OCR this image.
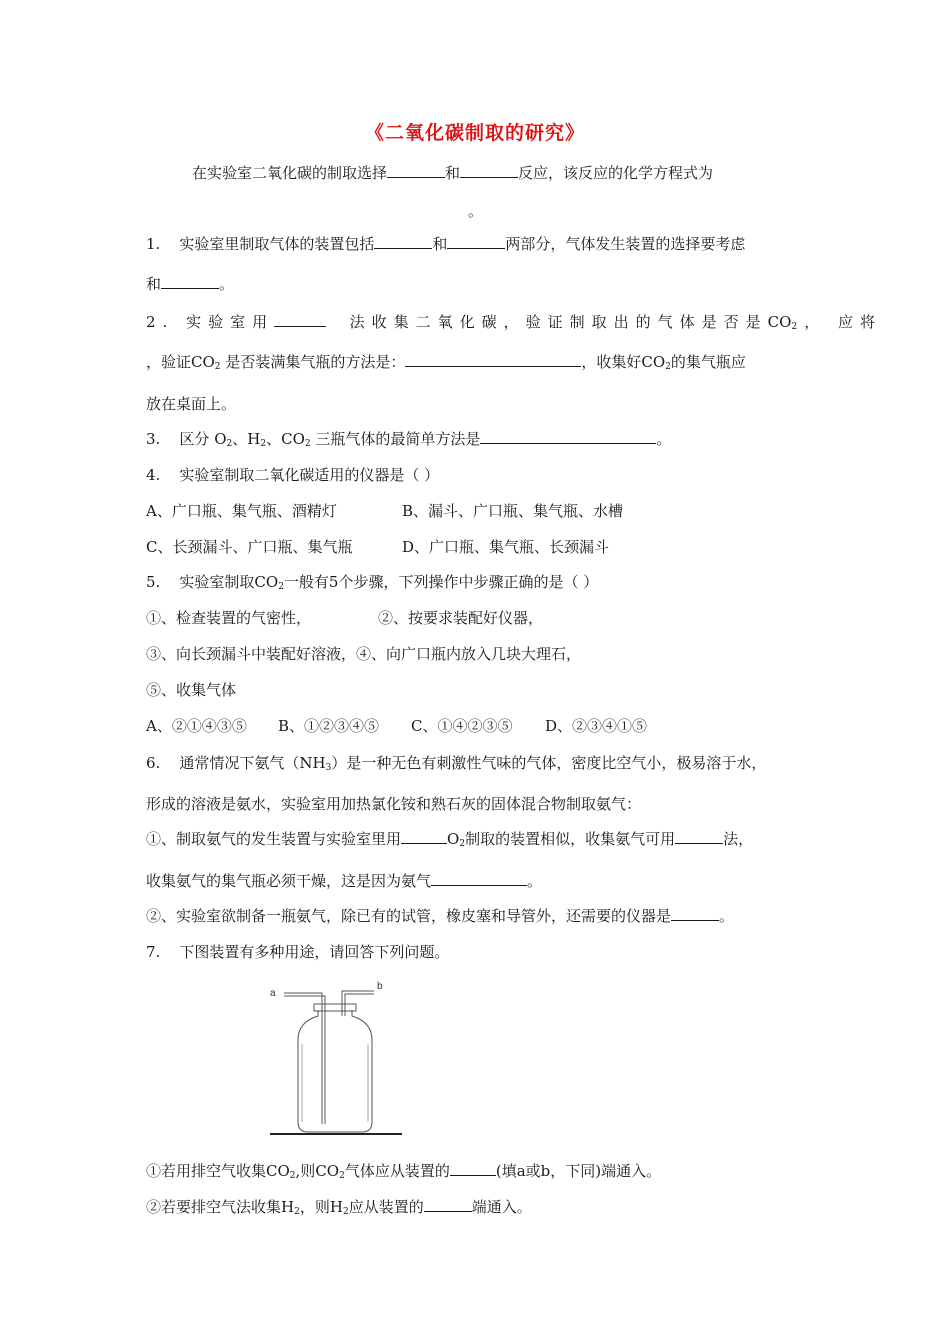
《二氧化碳制取的研究》
在实验室二氧化碳的制取选择	和	反应，该反应的化学方程式为
。
1. 实验室里制取气体的装置包括	和	两部分，气体发生装置的选择要考虑
和	。
2. 实验室用	法收集二氧化碳，验证制取出的气体是否是$CO_2$， 应将
，验证$CO_2$ 是否装满集气瓶的方法是：	，收集好$CO_2$的集气瓶应
放在桌面上。
3. 区分 $O_2$、$H_2$、$CO_2$ 三瓶气体的最简单方法是	。
4. 实验室制取二氧化碳适用的仪器是（ ）
A、广口瓶、集气瓶、酒精灯	B、漏斗、广口瓶、集气瓶、水槽
C、长颈漏斗、广口瓶、集气瓶	D、广口瓶、集气瓶、长颈漏斗
5. 实验室制取$CO_2$一般有5个步骤，下列操作中步骤正确的是（ ）
①、检查装置的气密性，	②、按要求装配好仪器，
③、向长颈漏斗中装配好溶液，④、向广口瓶内放入几块大理石，
⑤、收集气体
A、②①④③⑤ B、①②③④⑤ C、①④②③⑤ D、②③④①⑤
6. 通常情况下氨气$(NH_3)$是一种无色有刺激性气味的气体，密度比空气小，极易溶于水，
形成的溶液是氨水，实验室用加热氯化铵和熟石灰的固体混合物制取氨气：
①、制取氨气的发生装置与实验室里用	$O_2$制取的装置相似，收集氨气可用	法，
收集氨气的集气瓶必须干燥，这是因为氨气	。
②、实验室欲制备一瓶氨气，除已有的试管，橡皮塞和导管外，还需要的仪器是	。
7. 下图装置有多种用途，请回答下列问题。
a
b
①若用排空气收集$CO_2$,则$CO_2$气体应从装置的	(填a或b，下同)端通入。
②若要排空气法收集$H_2$，则$H_2$应从装置的	端通入。
